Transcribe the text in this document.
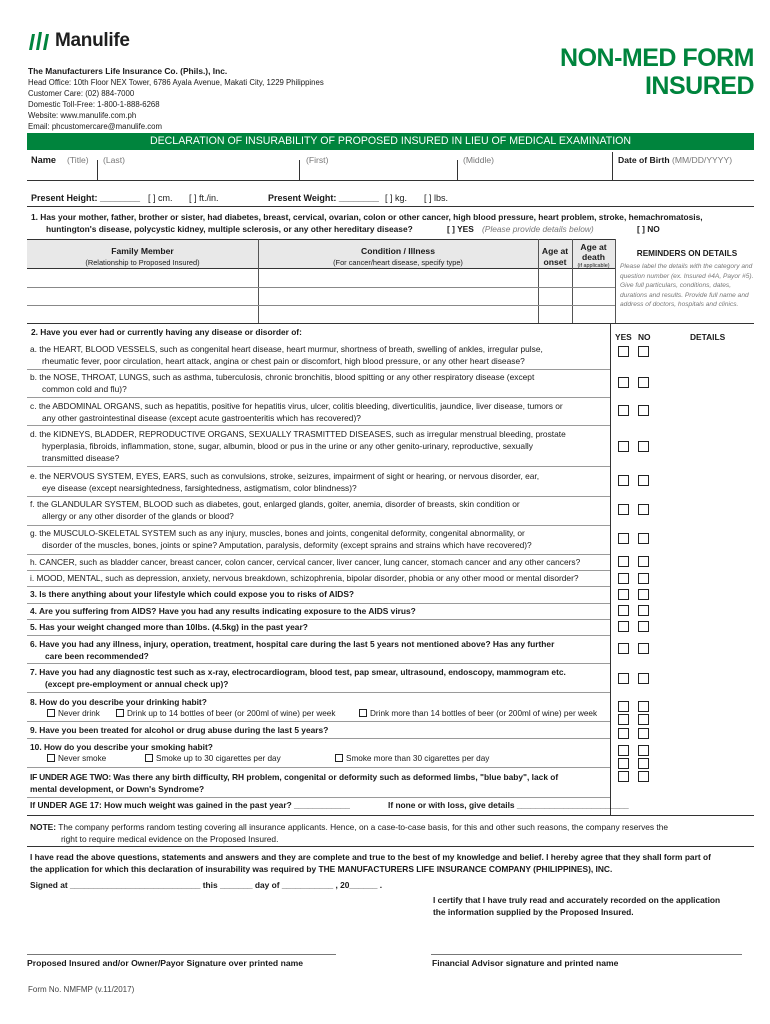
Manulife
The Manufacturers Life Insurance Co. (Phils.), Inc.
Head Office: 10th Floor NEX Tower, 6786 Ayala Avenue, Makati City, 1229 Philippines
Customer Care: (02) 884-7000
Domestic Toll-Free: 1-800-1-888-6268
Website: www.manulife.com.ph
Email: phcustomercare@manulife.com
NON-MED FORM
INSURED
DECLARATION OF INSURABILITY OF PROPOSED INSURED IN LIEU OF MEDICAL EXAMINATION
Name (Title) (Last)	(First)	(Middle)	Date of Birth (MM/DD/YYYY)
Present Height: ________ [ ] cm. [ ] ft./in.	Present Weight: ________ [ ] kg. [ ] lbs.
1. Has your mother, father, brother or sister, had diabetes, breast, cervical, ovarian, colon or other cancer, high blood pressure, heart problem, stroke, hemachromatosis,
huntington's disease, polycystic kidney, multiple sclerosis, or any other hereditary disease?	[ ] YES (Please provide details below)	[ ] NO
Family Member
(Relationship to Proposed Insured)
Condition / Illness
(For cancer/heart disease, specify type)
Age at
onset
Age at
death
(if applicable)
REMINDERS ON DETAILS
Please label the details with the category and question number (ex. Insured #4A, Payor #5). Give full particulars, conditions, dates, durations and results. Provide full name and address of doctors, hospitals and clinics.
2. Have you ever had or currently having any disease or disorder of:	YES NO	DETAILS
a. the HEART, BLOOD VESSELS, such as congenital heart disease, heart murmur, shortness of breath, swelling of ankles, irregular pulse,
rheumatic fever, poor circulation, heart attack, angina or chest pain or discomfort, high blood pressure, or any other heart disease?
b. the NOSE, THROAT, LUNGS, such as asthma, tuberculosis, chronic bronchitis, blood spitting or any other respiratory disease (except
common cold and flu)?
c. the ABDOMINAL ORGANS, such as hepatitis, positive for hepatitis virus, ulcer, colitis bleeding, diverticulitis, jaundice, liver disease, tumors or
any other gastrointestinal disease (except acute gastroenteritis which has recovered)?
d. the KIDNEYS, BLADDER, REPRODUCTIVE ORGANS, SEXUALLY TRASMITTED DISEASES, such as irregular menstrual bleeding, prostate
hyperplasia, fibroids, inflammation, stone, sugar, albumin, blood or pus in the urine or any other genito-urinary, reproductive, sexually
transmitted disease?
e. the NERVOUS SYSTEM, EYES, EARS, such as convulsions, stroke, seizures, impairment of sight or hearing, or nervous disorder, ear,
eye disease (except nearsightedness, farsightedness, astigmatism, color blindness)?
f. the GLANDULAR SYSTEM, BLOOD such as diabetes, gout, enlarged glands, goiter, anemia, disorder of breasts, skin condition or
allergy or any other disorder of the glands or blood?
g. the MUSCULO-SKELETAL SYSTEM such as any injury, muscles, bones and joints, congenital deformity, congenital abnormality, or
disorder of the muscles, bones, joints or spine? Amputation, paralysis, deformity (except sprains and strains which have recovered)?
h. CANCER, such as bladder cancer, breast cancer, colon cancer, cervical cancer, liver cancer, lung cancer, stomach cancer and any other cancers?
i. MOOD, MENTAL, such as depression, anxiety, nervous breakdown, schizophrenia, bipolar disorder, phobia or any other mood or mental disorder?
3. Is there anything about your lifestyle which could expose you to risks of AIDS?
4. Are you suffering from AIDS? Have you had any results indicating exposure to the AIDS virus?
5. Has your weight changed more than 10lbs. (4.5kg) in the past year?
6. Have you had any illness, injury, operation, treatment, hospital care during the last 5 years not mentioned above? Has any further
care been recommended?
7. Have you had any diagnostic test such as x-ray, electrocardiogram, blood test, pap smear, ultrasound, endoscopy, mammogram etc.
(except pre-employment or annual check up)?
8. How do you describe your drinking habit?
Never drink	Drink up to 14 bottles of beer (or 200ml of wine) per week	Drink more than 14 bottles of beer (or 200ml of wine) per week
9. Have you been treated for alcohol or drug abuse during the last 5 years?
10. How do you describe your smoking habit?
Never smoke	Smoke up to 30 cigarettes per day	Smoke more than 30 cigarettes per day
IF UNDER AGE TWO: Was there any birth difficulty, RH problem, congenital or deformity such as deformed limbs, "blue baby", lack of
mental development, or Down's Syndrome?
If UNDER AGE 17: How much weight was gained in the past year? ____________	If none or with loss, give details ________________________
NOTE: The company performs random testing covering all insurance applicants. Hence, on a case-to-case basis, for this and other such reasons, the company reserves the
right to require medical evidence on the Proposed Insured.
I have read the above questions, statements and answers and they are complete and true to the best of my knowledge and belief. I hereby agree that they shall form part of
the application for which this declaration of insurability was required by THE MANUFACTURERS LIFE INSURANCE COMPANY (PHILIPPINES), INC.
Signed at ____________________________ this _______ day of ___________ , 20______ .
I certify that I have truly read and accurately recorded on the application
the information supplied by the Proposed Insured.
Proposed Insured and/or Owner/Payor Signature over printed name	Financial Advisor signature and printed name
Form No. NMFMP (v.11/2017)
